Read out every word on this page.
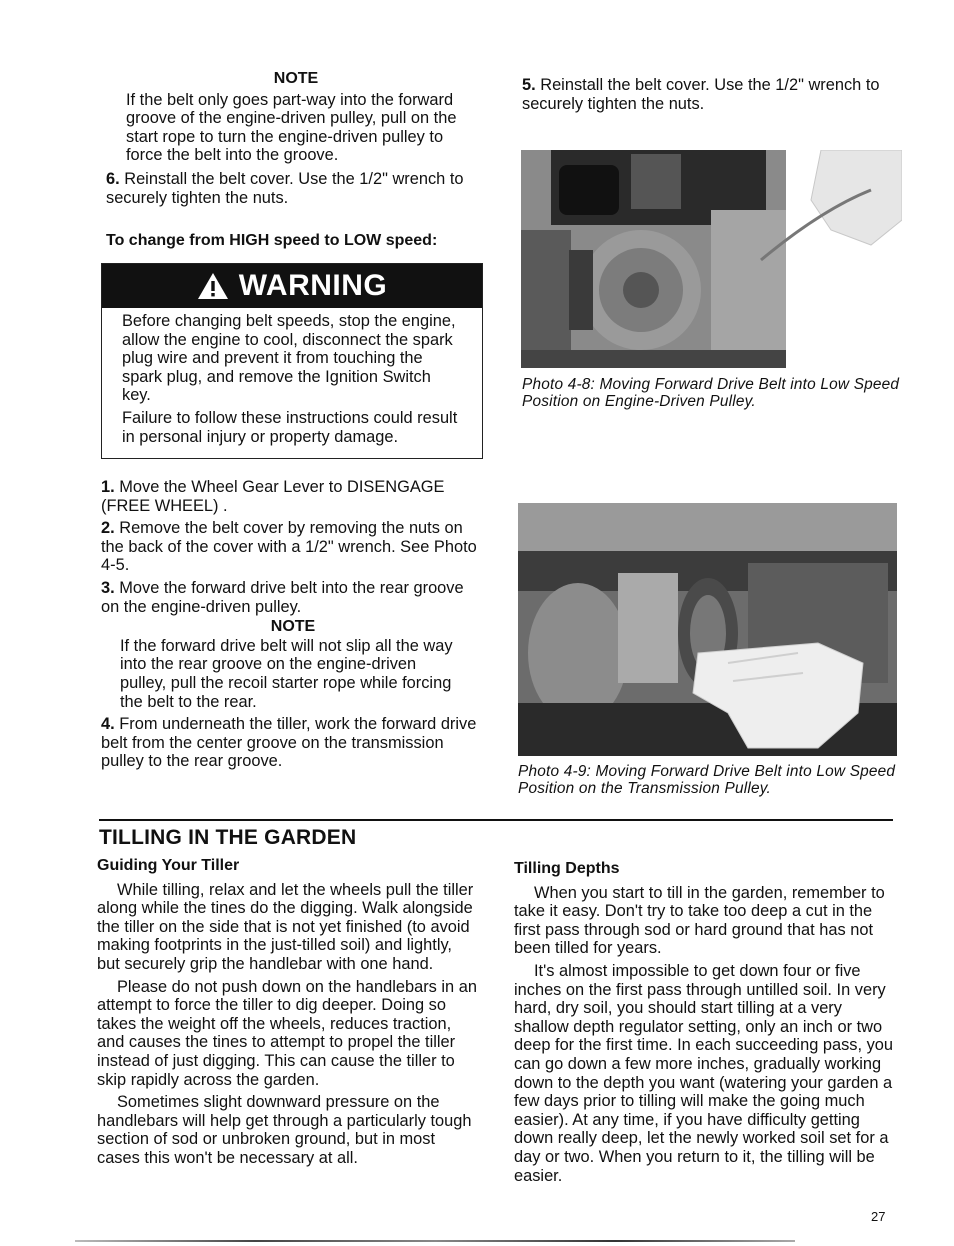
NOTE

If the belt only goes part-way into the forward groove of the engine-driven pulley, pull on the start rope to turn the engine-driven pulley to force the belt into the groove.

6. Reinstall the belt cover. Use the 1/2" wrench to securely tighten the nuts.

To change from HIGH speed to LOW speed:
WARNING

Before changing belt speeds, stop the engine, allow the engine to cool, disconnect the spark plug wire and prevent it from touching the spark plug, and remove the Ignition Switch key.

Failure to follow these instructions could result in personal injury or property damage.

1. Move the Wheel Gear Lever to DISENGAGE (FREE WHEEL) .

2. Remove the belt cover by removing the nuts on the back of the cover with a 1/2" wrench. See Photo 4-5.

3. Move the forward drive belt into the rear groove on the engine-driven pulley.

NOTE

If the forward drive belt will not slip all the way into the rear groove on the engine-driven pulley, pull the recoil starter rope while forcing the belt to the rear.

4. From underneath the tiller, work the forward drive belt from the center groove on the transmission pulley to the rear groove.

5. Reinstall the belt cover. Use the 1/2" wrench to securely tighten the nuts.

Photo 4-8: Moving Forward Drive Belt into Low Speed Position on Engine-Driven Pulley.
Photo 4-9: Moving Forward Drive Belt into Low Speed Position on the Transmission Pulley.
TILLING IN THE GARDEN

Guiding Your Tiller

While tilling, relax and let the wheels pull the tiller along while the tines do the digging. Walk alongside the tiller on the side that is not yet finished (to avoid making footprints in the just-tilled soil) and lightly, but securely grip the handlebar with one hand.

Please do not push down on the handlebars in an attempt to force the tiller to dig deeper. Doing so takes the weight off the wheels, reduces traction, and causes the tines to attempt to propel the tiller instead of just digging. This can cause the tiller to skip rapidly across the garden.

Sometimes slight downward pressure on the handlebars will help get through a particularly tough section of sod or unbroken ground, but in most cases this won't be necessary at all.

Tilling Depths

When you start to till in the garden, remember to take it easy. Don't try to take too deep a cut in the first pass through sod or hard ground that has not been tilled for years.

It's almost impossible to get down four or five inches on the first pass through untilled soil. In very hard, dry soil, you should start tilling at a very shallow depth regulator setting, only an inch or two deep for the first time. In each succeeding pass, you can go down a few more inches, gradually working down to the depth you want (watering your garden a few days prior to tilling will make the going much easier). At any time, if you have difficulty getting down really deep, let the newly worked soil set for a day or two. When you return to it, the tilling will be easier.

27
